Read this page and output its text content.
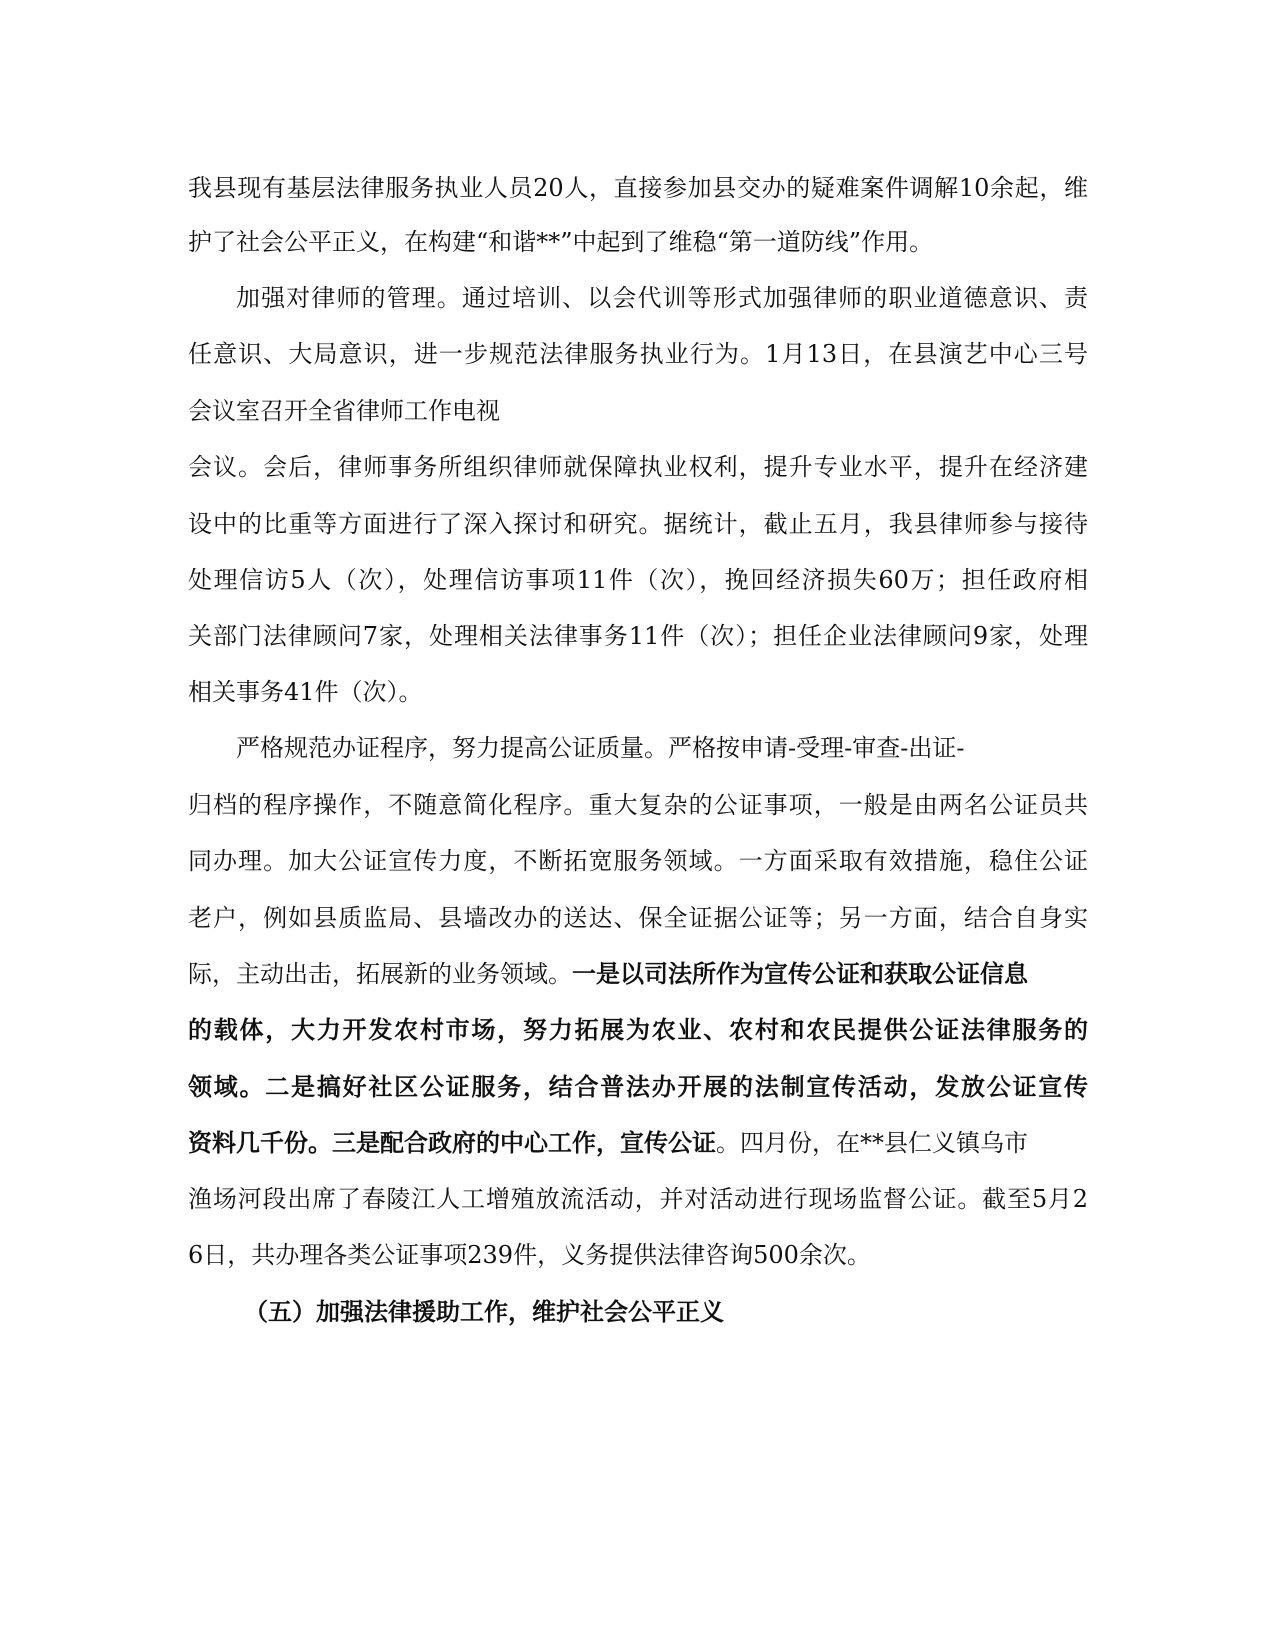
我县现有基层法律服务执业人员20人，直接参加县交办的疑难案件调解10余起，维
护了社会公平正义，在构建“和谐**”中起到了维稳“第一道防线”作用。
加强对律师的管理。通过培训、以会代训等形式加强律师的职业道德意识、责
任意识、大局意识，进一步规范法律服务执业行为。1月13日，在县演艺中心三号
会议室召开全省律师工作电视
会议。会后，律师事务所组织律师就保障执业权利，提升专业水平，提升在经济建
设中的比重等方面进行了深入探讨和研究。据统计，截止五月，我县律师参与接待
处理信访5人（次），处理信访事项11件（次），挽回经济损失60万；担任政府相
关部门法律顾问7家，处理相关法律事务11件（次）；担任企业法律顾问9家，处理
相关事务41件（次）。
严格规范办证程序，努力提高公证质量。严格按申请-受理-审查-出证-
归档的程序操作，不随意简化程序。重大复杂的公证事项，一般是由两名公证员共
同办理。加大公证宣传力度，不断拓宽服务领域。一方面采取有效措施，稳住公证
老户，例如县质监局、县墙改办的送达、保全证据公证等；另一方面，结合自身实
际，主动出击，拓展新的业务领域。一是以司法所作为宣传公证和获取公证信息
的载体，大力开发农村市场，努力拓展为农业、农村和农民提供公证法律服务的
领域。二是搞好社区公证服务，结合普法办开展的法制宣传活动，发放公证宣传
资料几千份。三是配合政府的中心工作，宣传公证。四月份，在**县仁义镇乌市
渔场河段出席了春陵江人工增殖放流活动，并对活动进行现场监督公证。截至5月2
6日，共办理各类公证事项239件，义务提供法律咨询500余次。
（五）加强法律援助工作，维护社会公平正义
